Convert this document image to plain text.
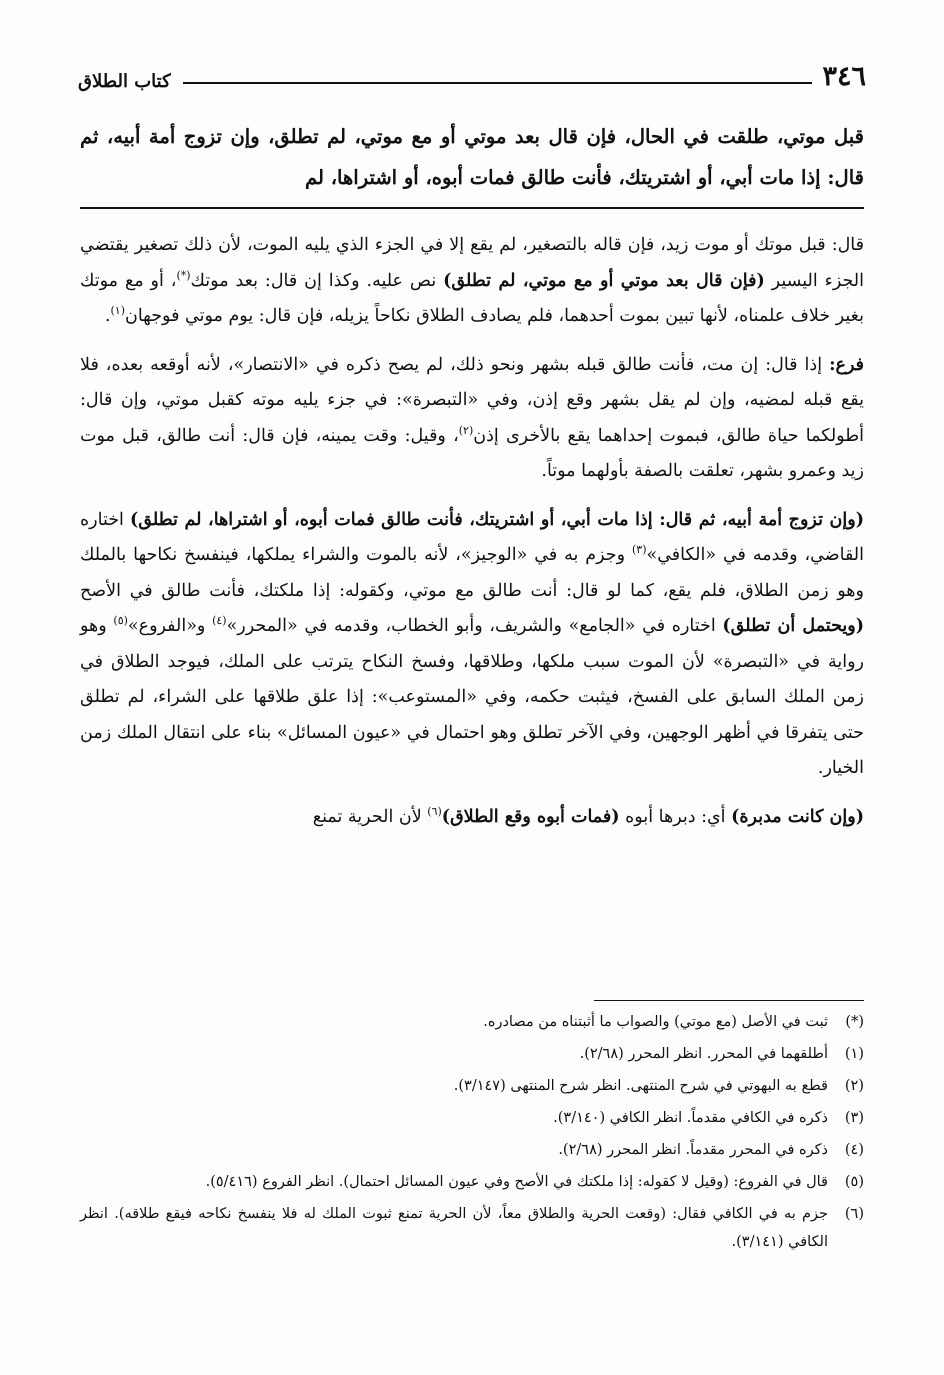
٣٤٦
كتاب الطلاق
قبل موتي، طلقت في الحال، فإن قال بعد موتي أو مع موتي، لم تطلق، وإن تزوج أمة أبيه، ثم قال: إذا مات أبي، أو اشتريتك، فأنت طالق فمات أبوه، أو اشتراها، لم

قال: قبل موتك أو موت زيد، فإن قاله بالتصغير، لم يقع إلا في الجزء الذي يليه الموت، لأن ذلك تصغير يقتضي الجزء اليسير (فإن قال بعد موتي أو مع موتي، لم تطلق) نص عليه. وكذا إن قال: بعد موتك(*)، أو مع موتك بغير خلاف علمناه، لأنها تبين بموت أحدهما، فلم يصادف الطلاق نكاحاً يزيله، فإن قال: يوم موتي فوجهان$^{(١)}$.

فرع: إذا قال: إن مت، فأنت طالق قبله بشهر ونحو ذلك، لم يصح ذكره في «الانتصار»، لأنه أوقعه بعده، فلا يقع قبله لمضيه، وإن لم يقل بشهر وقع إذن، وفي «التبصرة»: في جزء يليه موته كقبل موتي، وإن قال: أطولكما حياة طالق، فبموت إحداهما يقع بالأخرى إذن$^{(٢)}$، وقيل: وقت يمينه، فإن قال: أنت طالق، قبل موت زيد وعمرو بشهر، تعلقت بالصفة بأولهما موتاً.

(وإن تزوج أمة أبيه، ثم قال: إذا مات أبي، أو اشتريتك، فأنت طالق فمات أبوه، أو اشتراها، لم تطلق) اختاره القاضي، وقدمه في «الكافي»$^{(٣)}$ وجزم به في «الوجيز»، لأنه بالموت والشراء يملكها، فينفسخ نكاحها بالملك وهو زمن الطلاق، فلم يقع، كما لو قال: أنت طالق مع موتي، وكقوله: إذا ملكتك، فأنت طالق في الأصح (ويحتمل أن تطلق) اختاره في «الجامع» والشريف، وأبو الخطاب، وقدمه في «المحرر»$^{(٤)}$ و«الفروع»$^{(٥)}$ وهو رواية في «التبصرة» لأن الموت سبب ملكها، وطلاقها، وفسخ النكاح يترتب على الملك، فيوجد الطلاق في زمن الملك السابق على الفسخ، فيثبت حكمه، وفي «المستوعب»: إذا علق طلاقها على الشراء، لم تطلق حتى يتفرقا في أظهر الوجهين، وفي الآخر تطلق وهو احتمال في «عيون المسائل» بناء على انتقال الملك زمن الخيار.

(وإن كانت مدبرة) أي: دبرها أبوه (فمات أبوه وقع الطلاق)$^{(٦)}$ لأن الحرية تمنع

(*)
ثبت في الأصل (مع موتي) والصواب ما أثبتناه من مصادره.
(١)
أطلقهما في المحرر. انظر المحرر (٢/٦٨).
(٢)
قطع به البهوتي في شرح المنتهى. انظر شرح المنتهى (٣/١٤٧).
(٣)
ذكره في الكافي مقدماً. انظر الكافي (٣/١٤٠).
(٤)
ذكره في المحرر مقدماً. انظر المحرر (٢/٦٨).
(٥)
قال في الفروع: (وقيل لا كقوله: إذا ملكتك في الأصح وفي عيون المسائل احتمال). انظر الفروع (٥/٤١٦).
(٦)
جزم به في الكافي فقال: (وقعت الحرية والطلاق معاً، لأن الحرية تمنع ثبوت الملك له فلا ينفسخ نكاحه فيقع طلاقه). انظر الكافي (٣/١٤١).
